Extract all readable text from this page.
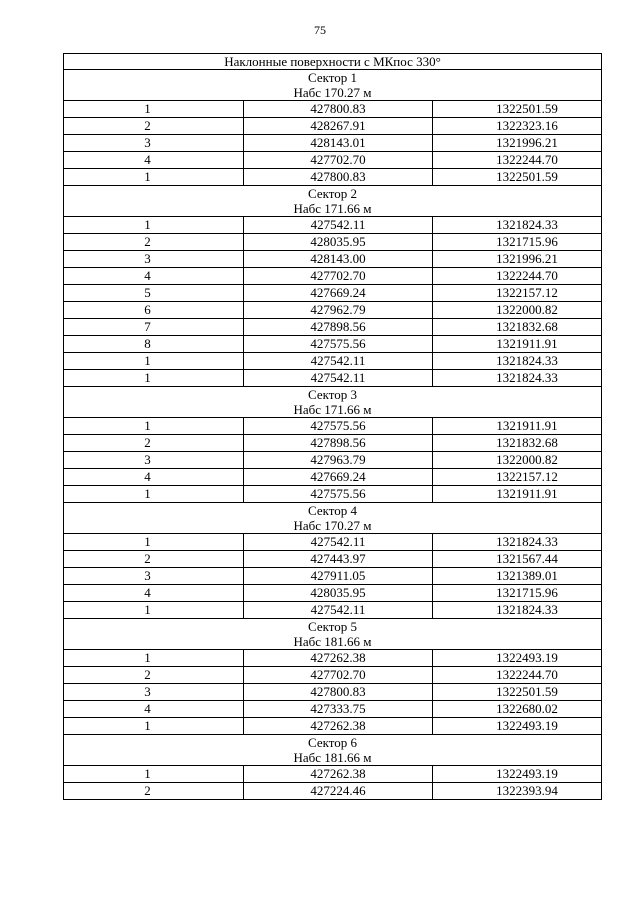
75
Наклонные поверхности с МКпос 330°		

Сектор 1
Набс 170.27 м		

1	427800.83	1322501.59
2	428267.91	1322323.16
3	428143.01	1321996.21
4	427702.70	1322244.70
1	427800.83	1322501.59

Сектор 2
Набс 171.66 м		

1	427542.11	1321824.33
2	428035.95	1321715.96
3	428143.00	1321996.21
4	427702.70	1322244.70
5	427669.24	1322157.12
6	427962.79	1322000.82
7	427898.56	1321832.68
8	427575.56	1321911.91
1	427542.11	1321824.33
1	427542.11	1321824.33

Сектор 3
Набс 171.66 м		

1	427575.56	1321911.91
2	427898.56	1321832.68
3	427963.79	1322000.82
4	427669.24	1322157.12
1	427575.56	1321911.91

Сектор 4
Набс 170.27 м		

1	427542.11	1321824.33
2	427443.97	1321567.44
3	427911.05	1321389.01
4	428035.95	1321715.96
1	427542.11	1321824.33

Сектор 5
Набс 181.66 м		

1	427262.38	1322493.19
2	427702.70	1322244.70
3	427800.83	1322501.59
4	427333.75	1322680.02
1	427262.38	1322493.19

Сектор 6
Набс 181.66 м		

1	427262.38	1322493.19
2	427224.46	1322393.94
